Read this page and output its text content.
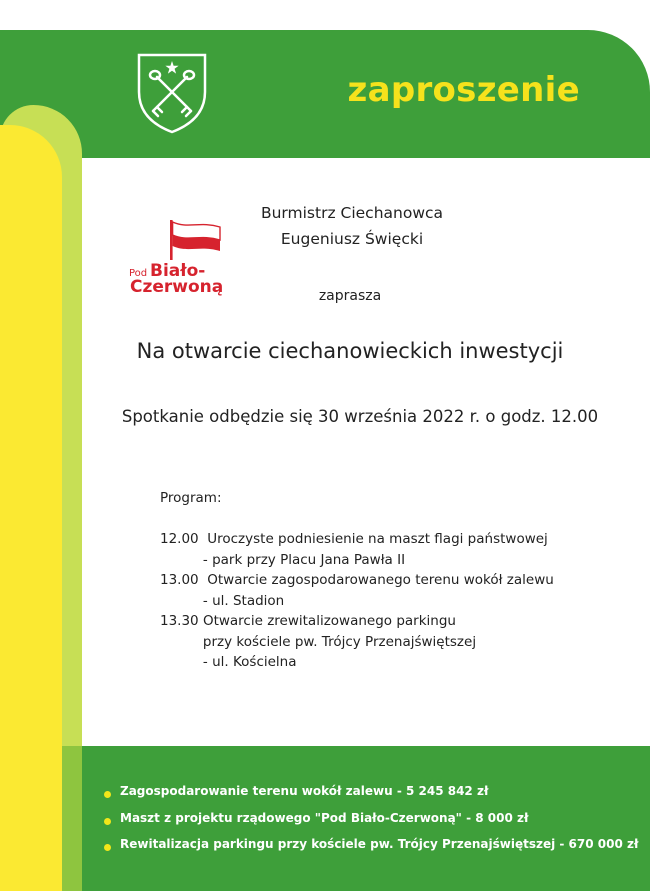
zaproszenie
Pod Biało-
Czerwoną
Burmistrz Ciechanowca
Eugeniusz Święcki
zaprasza
Na otwarcie ciechanowieckich inwestycji
Spotkanie odbędzie się 30 września 2022 r. o godz. 12.00
Program:
12.00  Uroczyste podniesienie na maszt flagi państwowej
- park przy Placu Jana Pawła II
13.00  Otwarcie zagospodarowanego terenu wokół zalewu
- ul. Stadion
13.30 Otwarcie zrewitalizowanego parkingu
przy kościele pw. Trójcy Przenajświętszej
- ul. Kościelna
Zagospodarowanie terenu wokół zalewu - 5 245 842 zł
Maszt z projektu rządowego "Pod Biało-Czerwoną" - 8 000 zł
Rewitalizacja parkingu przy kościele pw. Trójcy Przenajświętszej - 670 000 zł
